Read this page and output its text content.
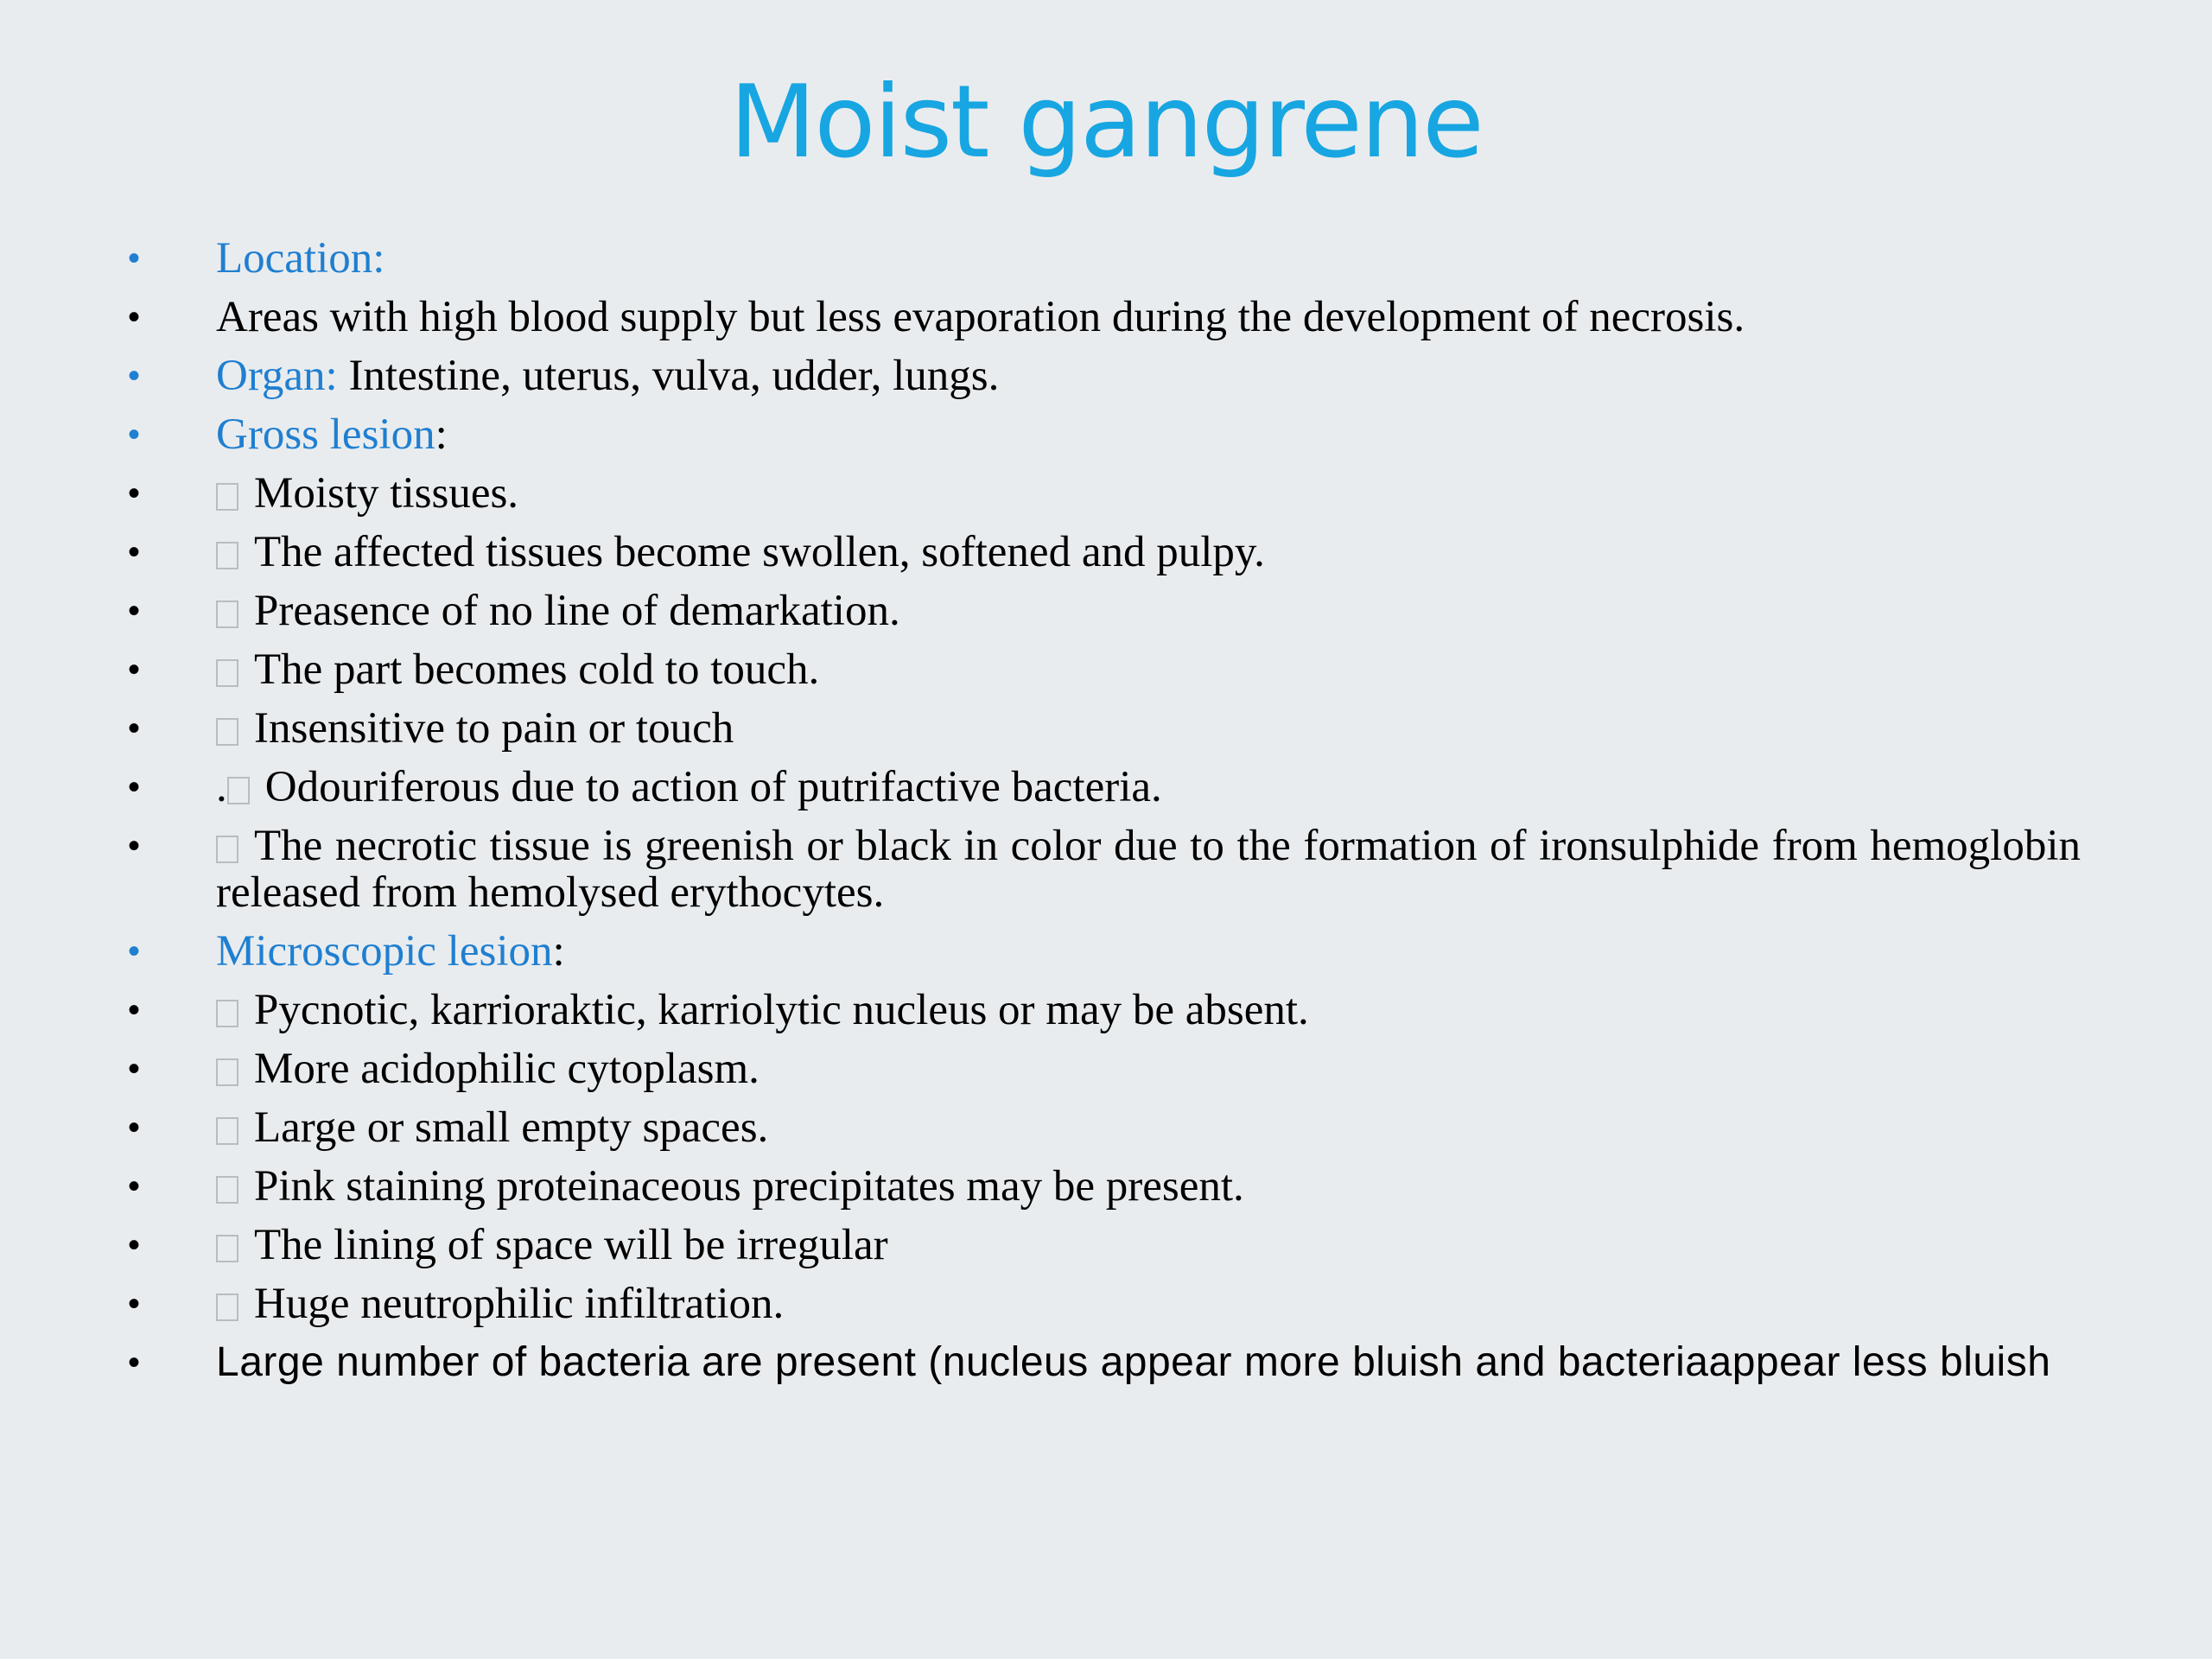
Moist gangrene
•	Location:
•	Areas with high blood supply but less evaporation during the development of necrosis.
•	Organ: Intestine, uterus, vulva, udder, lungs.
•	Gross lesion:
•	Moisty tissues.
•	The affected tissues become swollen, softened and pulpy.
•	Preasence of no line of demarkation.
•	The part becomes cold to touch.
•	Insensitive to pain or touch
•	. Odouriferous due to action of putrifactive bacteria.
•	The necrotic tissue is greenish or black in color due to the formation of ironsulphide from hemoglobin released from hemolysed erythocytes.
•	Microscopic lesion:
•	Pycnotic, karrioraktic, karriolytic nucleus or may be absent.
•	More acidophilic cytoplasm.
•	Large or small empty spaces.
•	Pink staining proteinaceous precipitates may be present.
•	The lining of space will be irregular
•	Huge neutrophilic infiltration.
•	Large number of bacteria are present (nucleus appear more bluish and bacteriaappear less bluish
